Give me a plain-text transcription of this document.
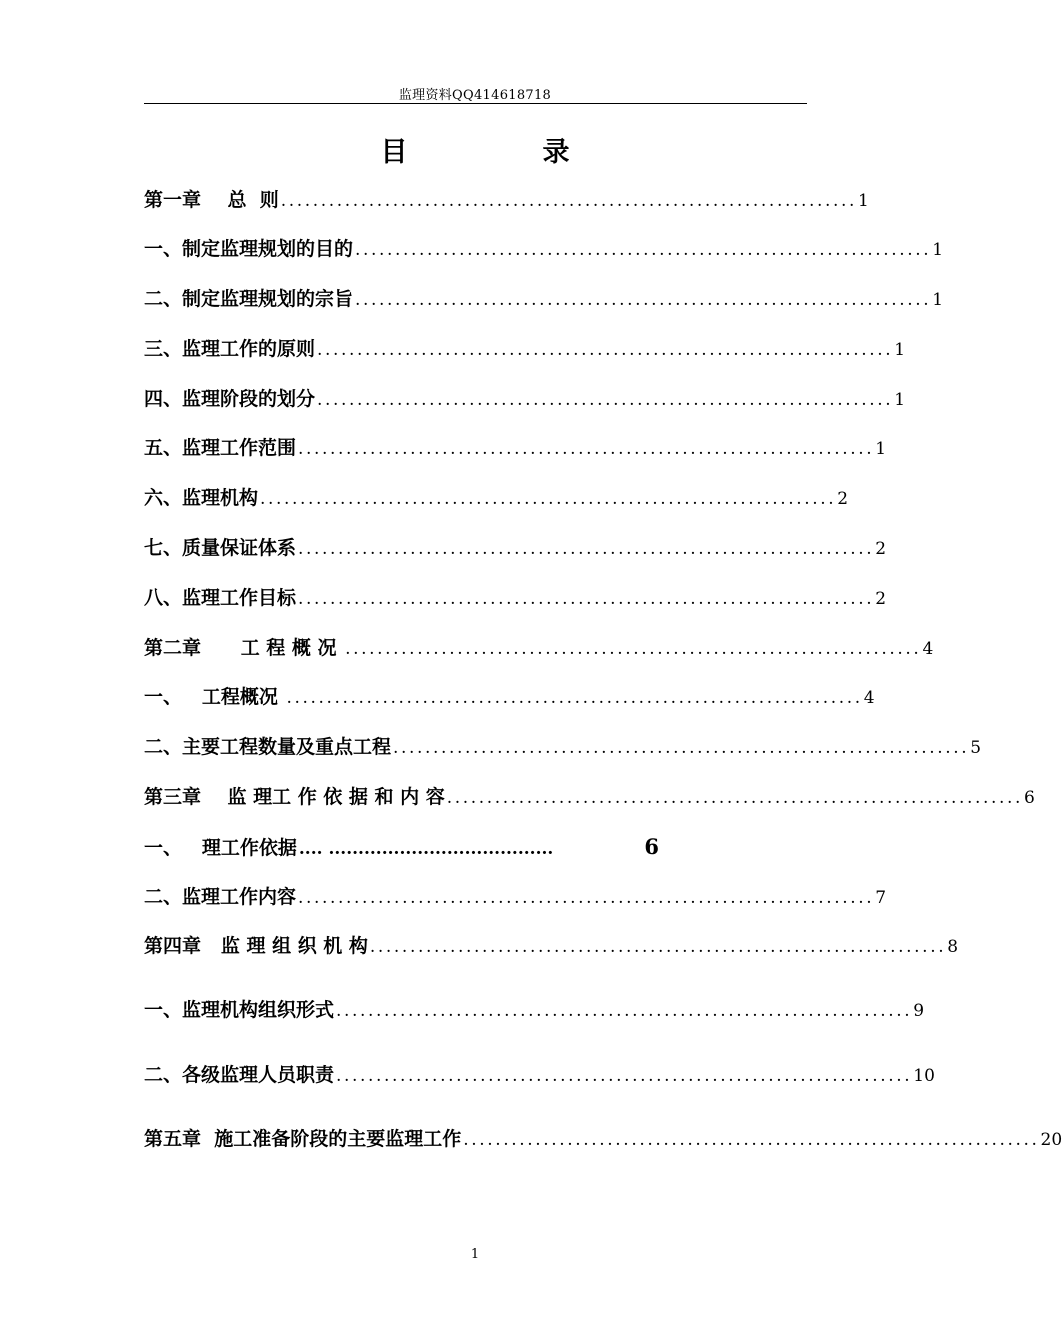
监理资料QQ414618718
目	录
第一章    总  则 ........................................................................ 1
一、制定监理规划的目的 ........................................................................ 1
二、制定监理规划的宗旨 ........................................................................ 1
三、监理工作的原则 ........................................................................ 1
四、监理阶段的划分 ........................................................................ 1
五、监理工作范围 ........................................................................ 1
六、监理机构 ........................................................................ 2
七、质量保证体系 ........................................................................ 2
八、监理工作目标 ........................................................................ 2
第二章      工 程 概 况 ........................................................................ 4
一、   工程概况 ........................................................................ 4
二、主要工程数量及重点工程 ........................................................................ 5
第三章    监 理工 作 依 据 和 内 容 ........................................................................ 6
一、   理工作依据 .... ......................................	6
二、监理工作内容 ........................................................................ 7
第四章   监 理 组 织 机 构 ........................................................................ 8
一、监理机构组织形式 ........................................................................ 9
二、各级监理人员职责 ........................................................................ 10
第五章  施工准备阶段的主要监理工作 ........................................................................ 20
1
